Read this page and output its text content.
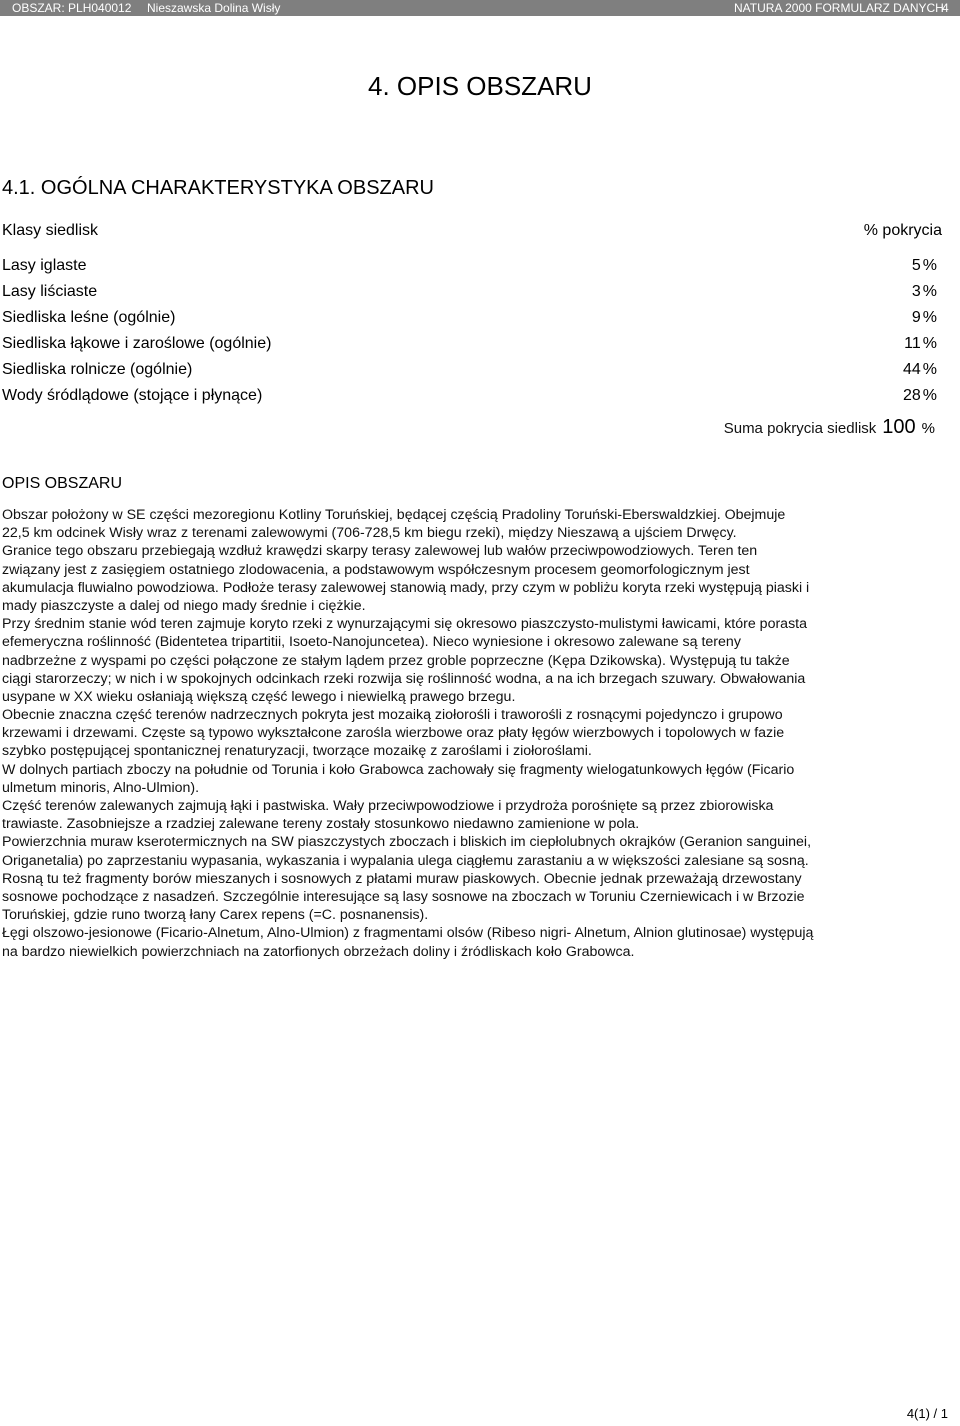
OBSZAR: PLH040012 Nieszawska Dolina Wisły	NATURA 2000 FORMULARZ DANYCH
4
4. OPIS OBSZARU
4.1. OGÓLNA CHARAKTERYSTYKA OBSZARU
Klasy siedlisk	% pokrycia
Lasy iglaste	5 %
Lasy liściaste	3 %
Siedliska leśne (ogólnie)	9 %
Siedliska łąkowe i zaroślowe (ogólnie)	11 %
Siedliska rolnicze (ogólnie)	44 %
Wody śródlądowe (stojące i płynące)	28 %
Suma pokrycia siedlisk 100 %
OPIS OBSZARU
Obszar położony w SE części mezoregionu Kotliny Toruńskiej, będącej częścią Pradoliny Toruński-Eberswaldzkiej. Obejmuje
22,5 km odcinek Wisły wraz z terenami zalewowymi (706-728,5 km biegu rzeki), między Nieszawą a ujściem Drwęcy.
Granice tego obszaru przebiegają wzdłuż krawędzi skarpy terasy zalewowej lub wałów przeciwpowodziowych. Teren ten
związany jest z zasięgiem ostatniego zlodowacenia, a podstawowym współczesnym procesem geomorfologicznym jest
akumulacja fluwialno powodziowa. Podłoże terasy zalewowej stanowią mady, przy czym w pobliżu koryta rzeki występują piaski i
mady piaszczyste a dalej od niego mady średnie i ciężkie.
Przy średnim stanie wód teren zajmuje koryto rzeki z wynurzającymi się okresowo piaszczysto-mulistymi ławicami, które porasta
efemeryczna roślinność (Bidentetea tripartitii, Isoeto-Nanojuncetea). Nieco wyniesione i okresowo zalewane są tereny
nadbrzeżne z wyspami po części połączone ze stałym lądem przez groble poprzeczne (Kępa Dzikowska). Występują tu także
ciągi starorzeczy; w nich i w spokojnych odcinkach rzeki rozwija się roślinność wodna, a na ich brzegach szuwary. Obwałowania
usypane w XX wieku osłaniają większą część lewego i niewielką prawego brzegu.
Obecnie znaczna część terenów nadrzecznych pokryta jest mozaiką ziołorośli i traworośli z rosnącymi pojedynczo i grupowo
krzewami i drzewami. Częste są typowo wykształcone zarośla wierzbowe oraz płaty łęgów wierzbowych i topolowych w fazie
szybko postępującej spontanicznej renaturyzacji, tworzące mozaikę z zaroślami i ziołoroślami.
W dolnych partiach zboczy na południe od Torunia i koło Grabowca zachowały się fragmenty wielogatunkowych łęgów (Ficario
ulmetum minoris, Alno-Ulmion).
Część terenów zalewanych zajmują łąki i pastwiska. Wały przeciwpowodziowe i przydroża porośnięte są przez zbiorowiska
trawiaste. Zasobniejsze a rzadziej zalewane tereny zostały stosunkowo niedawno zamienione w pola.
Powierzchnia muraw kserotermicznych na SW piaszczystych zboczach i bliskich im ciepłolubnych okrajków (Geranion sanguinei,
Origanetalia) po zaprzestaniu wypasania, wykaszania i wypalania ulega ciągłemu zarastaniu a w większości zalesiane są sosną.
Rosną tu też fragmenty borów mieszanych i sosnowych z płatami muraw piaskowych. Obecnie jednak przeważają drzewostany
sosnowe pochodzące z nasadzeń. Szczególnie interesujące są lasy sosnowe na zboczach w Toruniu Czerniewicach i w Brzozie
Toruńskiej, gdzie runo tworzą łany Carex repens (=C. posnanensis).
Łęgi olszowo-jesionowe (Ficario-Alnetum, Alno-Ulmion) z fragmentami olsów (Ribeso nigri- Alnetum, Alnion glutinosae) występują
na bardzo niewielkich powierzchniach na zatorfionych obrzeżach doliny i źródliskach koło Grabowca.
4(1) / 1
